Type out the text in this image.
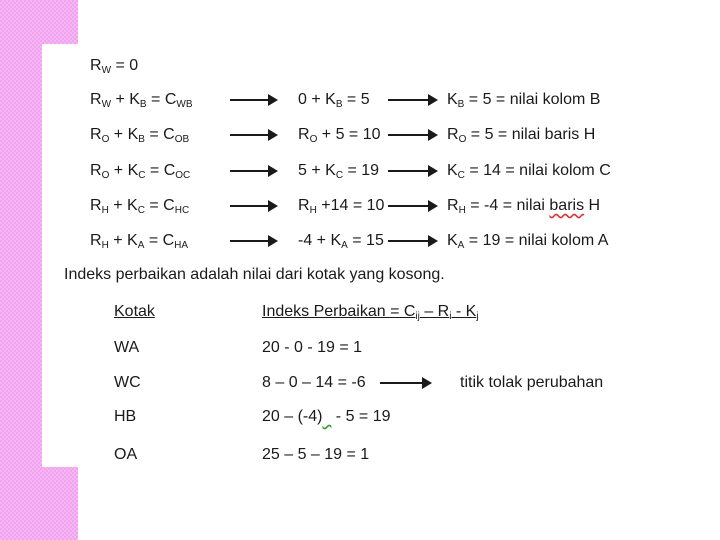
$R_W = 0$
$R_W + K_B = C_{WB}$	$0 + K_B = 5$	$K_B = 5$ = nilai kolom B
$R_O + K_B = C_{OB}$	$R_O + 5 = 10$	$R_O = 5$ = nilai baris H
$R_O + K_C = C_{OC}$	$5 + K_C = 19$	$K_C = 14$ = nilai kolom C
$R_H + K_C = C_{HC}$	$R_H +14 = 10$	$R_H = -4$ = nilai baris H
$R_H + K_A = C_{HA}$	$-4 + K_A = 15$	$K_A = 19$ = nilai kolom A
Indeks perbaikan adalah nilai dari kotak yang kosong.
Kotak	Indeks Perbaikan = $C_{ij} - R_i - K_j$
WA	20 - 0 - 19 = 1
WC	8 – 0 – 14 = -6	titik tolak perubahan
HB	20 – (-4)   - 5 = 19
OA	25 – 5 – 19 = 1
